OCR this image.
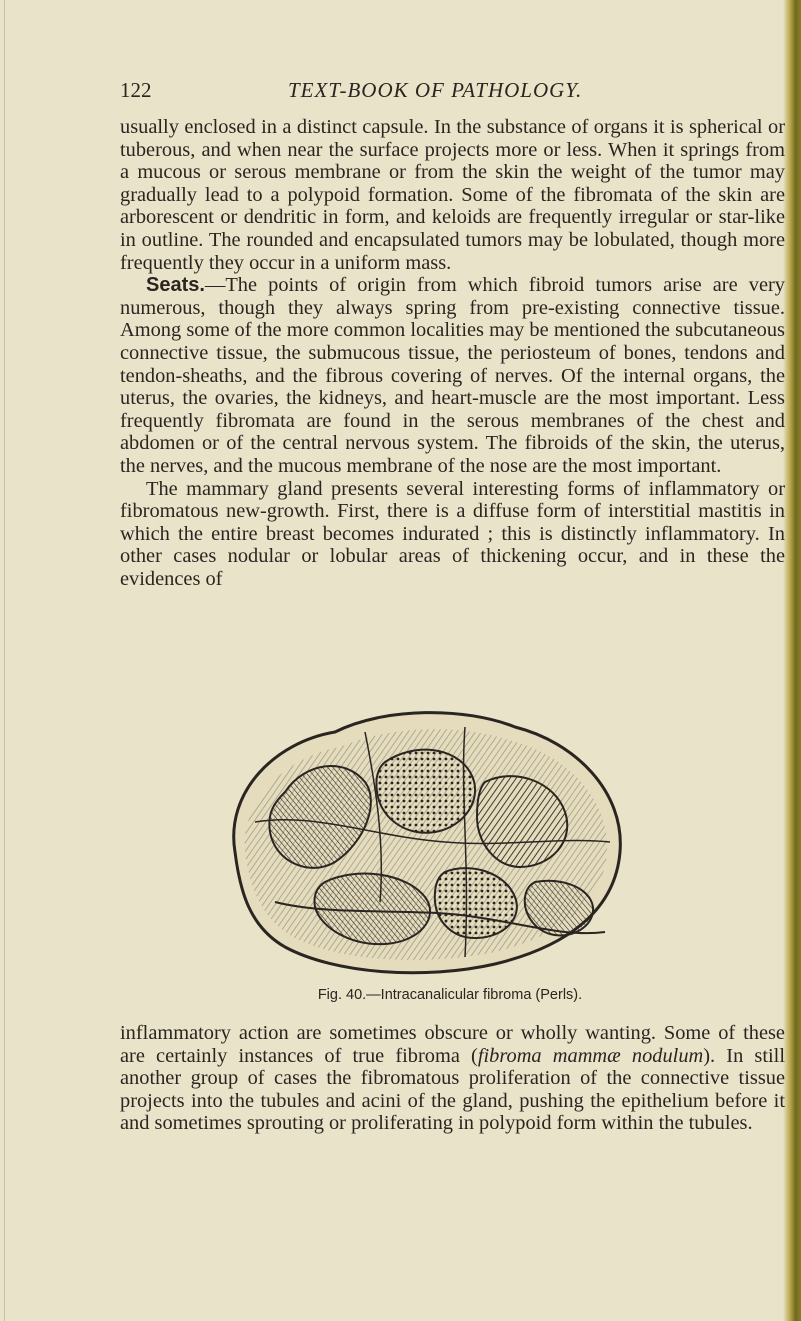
122	TEXT-BOOK OF PATHOLOGY.

usually enclosed in a distinct capsule. In the substance of organs it is spherical or tuberous, and when near the surface projects more or less. When it springs from a mucous or serous membrane or from the skin the weight of the tumor may gradually lead to a polypoid formation. Some of the fibromata of the skin are arborescent or dendritic in form, and keloids are frequently irregular or star-like in outline. The rounded and encapsulated tumors may be lobulated, though more frequently they occur in a uniform mass.

Seats.—The points of origin from which fibroid tumors arise are very numerous, though they always spring from pre-existing connective tissue. Among some of the more common localities may be mentioned the subcutaneous connective tissue, the submucous tissue, the periosteum of bones, tendons and tendon-sheaths, and the fibrous covering of nerves. Of the internal organs, the uterus, the ovaries, the kidneys, and heart-muscle are the most important. Less frequently fibromata are found in the serous membranes of the chest and abdomen or of the central nervous system. The fibroids of the skin, the uterus, the nerves, and the mucous membrane of the nose are the most important.

The mammary gland presents several interesting forms of inflammatory or fibromatous new-growth. First, there is a diffuse form of interstitial mastitis in which the entire breast becomes indurated ; this is distinctly inflammatory. In other cases nodular or lobular areas of thickening occur, and in these the evidences of

Fig. 40.—Intracanalicular fibroma (Perls).

inflammatory action are sometimes obscure or wholly wanting. Some of these are certainly instances of true fibroma (fibroma mammæ nodulum). In still another group of cases the fibromatous proliferation of the connective tissue projects into the tubules and acini of the gland, pushing the epithelium before it and sometimes sprouting or proliferating in polypoid form within the tubules.
